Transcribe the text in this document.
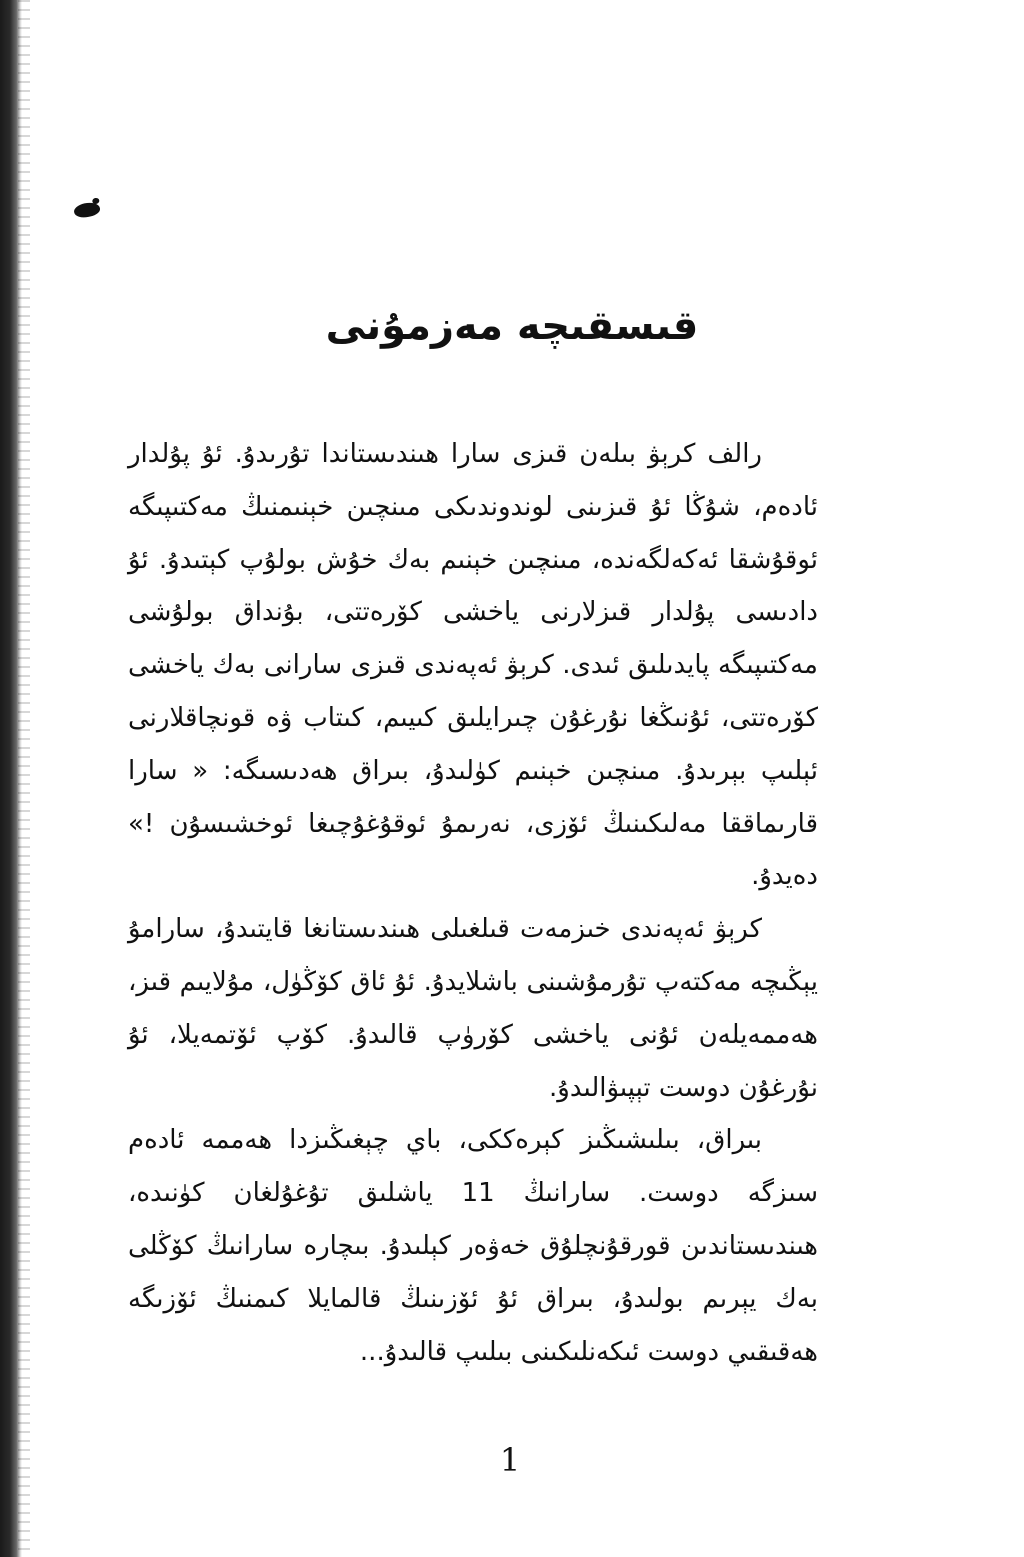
قىسقىچە مەزمۇنى

رالف كرېۋ بىلەن قىزى سارا ھىندىستاندا تۇرىدۇ. ئۇ پۇلدار ئادەم، شۇڭا ئۇ قىزىنى لوندوندىكى مىنچىن خېنىمنىڭ مەكتىپىگە ئوقۇشقا ئەكەلگەندە، مىنچىن خېنىم بەك خۇش بولۇپ كېتىدۇ. ئۇ دادىسى پۇلدار قىزلارنى ياخشى كۆرەتتى، بۇنداق بولۇشى مەكتىپىگە پايدىلىق ئىدى. كرېۋ ئەپەندى قىزى سارانى بەك ياخشى كۆرەتتى، ئۇنىڭغا نۇرغۇن چىرايلىق كىيىم، كىتاب ۋە قونچاقلارنى ئېلىپ بېرىدۇ. مىنچىن خېنىم كۈلىدۇ، بىراق ھەدىسىگە: « سارا قارىماققا مەلىكىنىڭ ئۆزى، نەرىمۇ ئوقۇغۇچىغا ئوخشىسۇن !» دەيدۇ.

كرېۋ ئەپەندى خىزمەت قىلغىلى ھىندىستانغا قايتىدۇ، سارامۇ يېڭىچە مەكتەپ تۇرمۇشىنى باشلايدۇ. ئۇ ئاق كۆڭۈل، مۇلايىم قىز، ھەممەيلەن ئۇنى ياخشى كۆرۈپ قالىدۇ. كۆپ ئۆتمەيلا، ئۇ نۇرغۇن دوست تېپىۋالىدۇ.

بىراق، بىلىشىڭىز كېرەككى، باي چېغىڭىزدا ھەممە ئادەم سىزگە دوست. سارانىڭ 11 ياشلىق تۇغۇلغان كۈنىدە، ھىندىستاندىن قورقۇنچلۇق خەۋەر كېلىدۇ. بىچارە سارانىڭ كۆڭلى بەك يېرىم بولىدۇ، بىراق ئۇ ئۆزىنىڭ قالمايلا كىمنىڭ ئۆزىگە ھەقىقىي دوست ئىكەنلىكىنى بىلىپ قالىدۇ...

1
